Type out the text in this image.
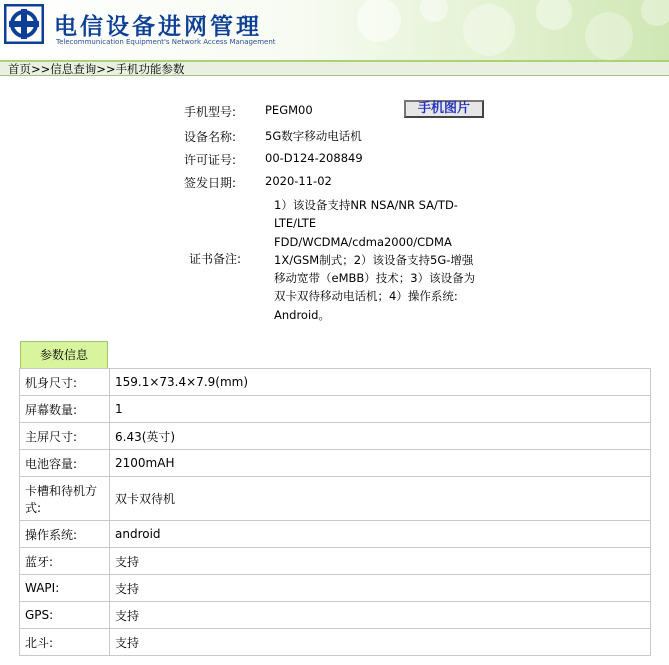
电信设备进网管理
Telecommunication Equipment's Network Access Management
首页>>信息查询>>手机功能参数
手机型号:	PEGM00	手机图片
设备名称:	5G数字移动电话机
许可证号:	00-D124-208849
签发日期:	2020-11-02
证书备注:
1）该设备支持NR NSA/NR SA/TD-
LTE/LTE
FDD/WCDMA/cdma2000/CDMA
1X/GSM制式；2）该设备支持5G-增强
移动宽带（eMBB）技术；3）该设备为
双卡双待移动电话机；4）操作系统:
Android。
参数信息
机身尺寸:	159.1×73.4×7.9(mm)
屏幕数量:	1
主屏尺寸:	6.43(英寸)
电池容量:	2100mAH
卡槽和待机方式:	双卡双待机
操作系统:	android
蓝牙:	支持
WAPI:	支持
GPS:	支持
北斗:	支持
